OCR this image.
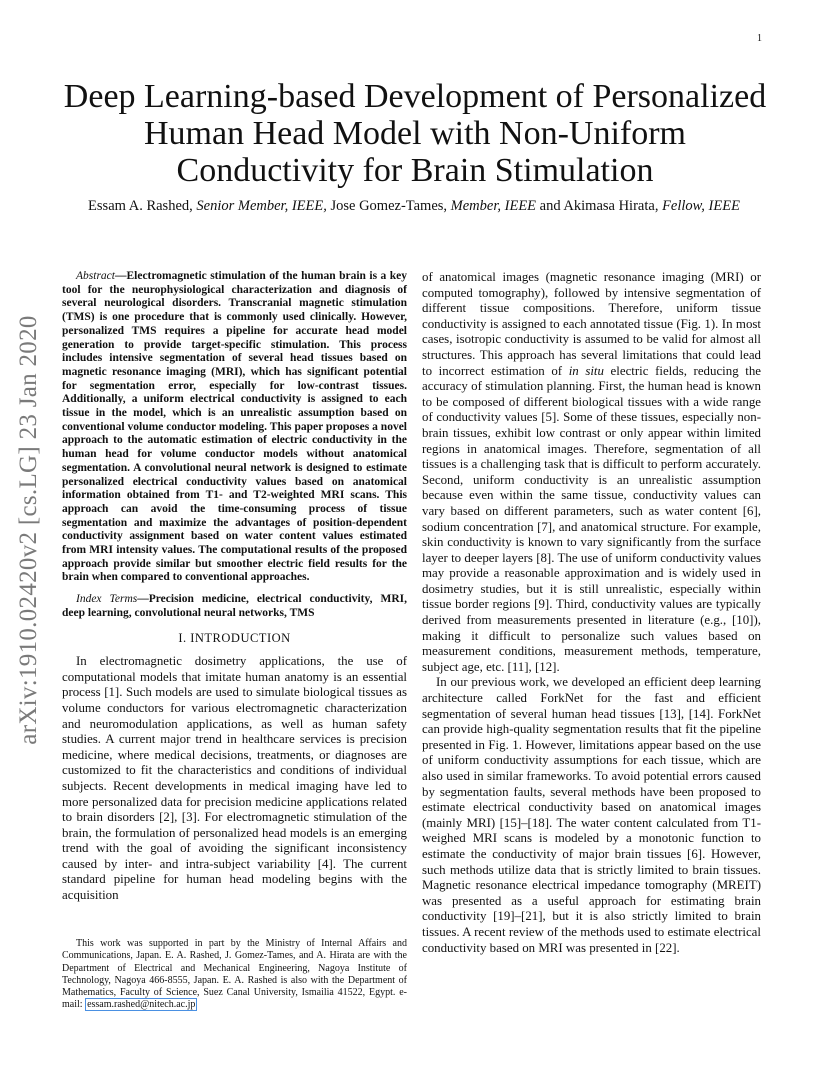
1
arXiv:1910.02420v2 [cs.LG] 23 Jan 2020
Deep Learning-based Development of Personalized Human Head Model with Non-Uniform Conductivity for Brain Stimulation
Essam A. Rashed, Senior Member, IEEE, Jose Gomez-Tames, Member, IEEE and Akimasa Hirata, Fellow, IEEE

Abstract—Electromagnetic stimulation of the human brain is a key tool for the neurophysiological characterization and diagnosis of several neurological disorders. Transcranial magnetic stimulation (TMS) is one procedure that is commonly used clinically. However, personalized TMS requires a pipeline for accurate head model generation to provide target-specific stimulation. This process includes intensive segmentation of several head tissues based on magnetic resonance imaging (MRI), which has significant potential for segmentation error, especially for low-contrast tissues. Additionally, a uniform electrical conductivity is assigned to each tissue in the model, which is an unrealistic assumption based on conventional volume conductor modeling. This paper proposes a novel approach to the automatic estimation of electric conductivity in the human head for volume conductor models without anatomical segmentation. A convolutional neural network is designed to estimate personalized electrical conductivity values based on anatomical information obtained from T1- and T2-weighted MRI scans. This approach can avoid the time-consuming process of tissue segmentation and maximize the advantages of position-dependent conductivity assignment based on water content values estimated from MRI intensity values. The computational results of the proposed approach provide similar but smoother electric field results for the brain when compared to conventional approaches.

Index Terms—Precision medicine, electrical conductivity, MRI, deep learning, convolutional neural networks, TMS

I. INTRODUCTION

In electromagnetic dosimetry applications, the use of computational models that imitate human anatomy is an essential process [1]. Such models are used to simulate biological tissues as volume conductors for various electromagnetic characterization and neuromodulation applications, as well as human safety studies. A current major trend in healthcare services is precision medicine, where medical decisions, treatments, or diagnoses are customized to fit the characteristics and conditions of individual subjects. Recent developments in medical imaging have led to more personalized data for precision medicine applications related to brain disorders [2], [3]. For electromagnetic stimulation of the brain, the formulation of personalized head models is an emerging trend with the goal of avoiding the significant inconsistency caused by inter- and intra-subject variability [4]. The current standard pipeline for human head modeling begins with the acquisition

of anatomical images (magnetic resonance imaging (MRI) or computed tomography), followed by intensive segmentation of different tissue compositions. Therefore, uniform tissue conductivity is assigned to each annotated tissue (Fig. 1). In most cases, isotropic conductivity is assumed to be valid for almost all structures. This approach has several limitations that could lead to incorrect estimation of in situ electric fields, reducing the accuracy of stimulation planning. First, the human head is known to be composed of different biological tissues with a wide range of conductivity values [5]. Some of these tissues, especially non-brain tissues, exhibit low contrast or only appear within limited regions in anatomical images. Therefore, segmentation of all tissues is a challenging task that is difficult to perform accurately. Second, uniform conductivity is an unrealistic assumption because even within the same tissue, conductivity values can vary based on different parameters, such as water content [6], sodium concentration [7], and anatomical structure. For example, skin conductivity is known to vary significantly from the surface layer to deeper layers [8]. The use of uniform conductivity values may provide a reasonable approximation and is widely used in dosimetry studies, but it is still unrealistic, especially within tissue border regions [9]. Third, conductivity values are typically derived from measurements presented in literature (e.g., [10]), making it difficult to personalize such values based on measurement conditions, measurement methods, temperature, subject age, etc. [11], [12].

In our previous work, we developed an efficient deep learning architecture called ForkNet for the fast and efficient segmentation of several human head tissues [13], [14]. ForkNet can provide high-quality segmentation results that fit the pipeline presented in Fig. 1. However, limitations appear based on the use of uniform conductivity assumptions for each tissue, which are also used in similar frameworks. To avoid potential errors caused by segmentation faults, several methods have been proposed to estimate electrical conductivity based on anatomical images (mainly MRI) [15]–[18]. The water content calculated from T1-weighed MRI scans is modeled by a monotonic function to estimate the conductivity of major brain tissues [6]. However, such methods utilize data that is strictly limited to brain tissues. Magnetic resonance electrical impedance tomography (MREIT) was presented as a useful approach for estimating brain conductivity [19]–[21], but it is also strictly limited to brain tissues. A recent review of the methods used to estimate electrical conductivity based on MRI was presented in [22].

This work was supported in part by the Ministry of Internal Affairs and Communications, Japan. E. A. Rashed, J. Gomez-Tames, and A. Hirata are with the Department of Electrical and Mechanical Engineering, Nagoya Institute of Technology, Nagoya 466-8555, Japan. E. A. Rashed is also with the Department of Mathematics, Faculty of Science, Suez Canal University, Ismailia 41522, Egypt. e-mail: essam.rashed@nitech.ac.jp
